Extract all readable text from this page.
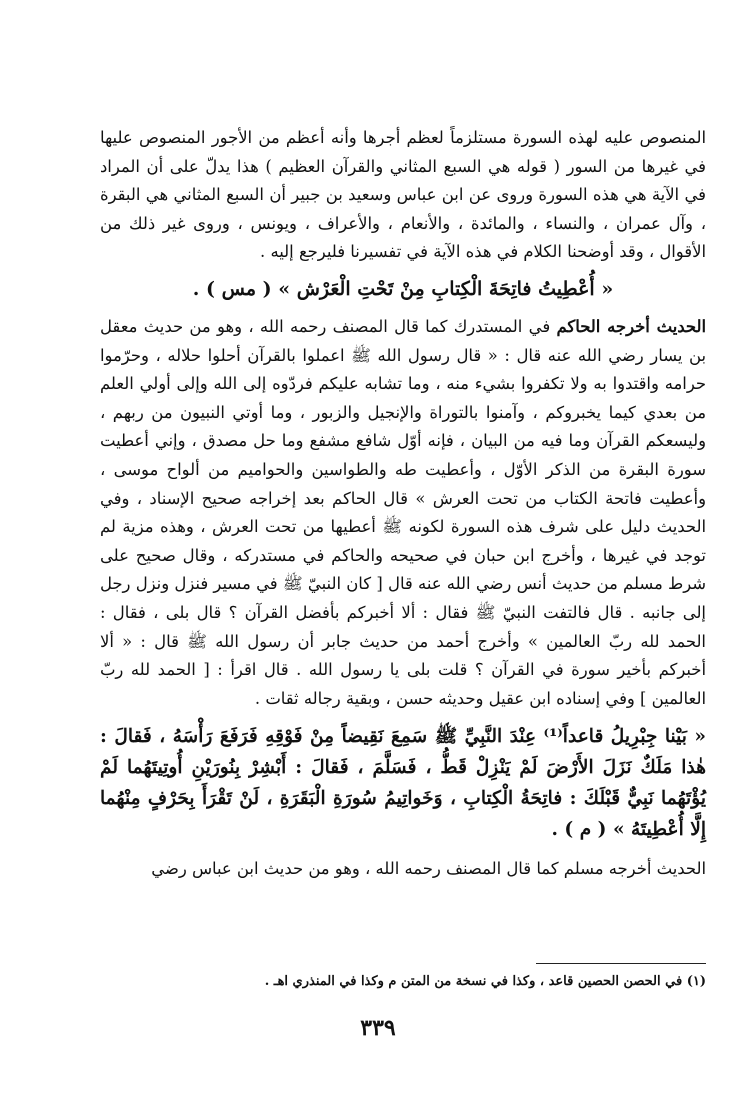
المنصوص عليه لهذه السورة مستلزماً لعظم أجرها وأنه أعظم من الأجور المنصوص عليها في غيرها من السور ( قوله هي السبع المثاني والقرآن العظيم ) هذا يدلّ على أن المراد في الآية هي هذه السورة وروى عن ابن عباس وسعيد بن جبير أن السبع المثاني هي البقرة ، وآل عمران ، والنساء ، والمائدة ، والأنعام ، والأعراف ، ويونس ، وروى غير ذلك من الأقوال ، وقد أوضحنا الكلام في هذه الآية في تفسيرنا فليرجع إليه .

« أُعْطِيتُ فاتِحَةَ الْكِتابِ مِنْ تَحْتِ الْعَرْش » ( مس ) .

الحديث أخرجه الحاكم في المستدرك كما قال المصنف رحمه الله ، وهو من حديث معقل بن يسار رضي الله عنه قال : « قال رسول الله ﷺ اعملوا بالقرآن أحلوا حلاله ، وحرّموا حرامه واقتدوا به ولا تكفروا بشيء منه ، وما تشابه عليكم فردّوه إلى الله وإلى أولي العلم من بعدي كيما يخبروكم ، وآمنوا بالتوراة والإنجيل والزبور ، وما أوتي النبيون من ربهم ، وليسعكم القرآن وما فيه من البيان ، فإنه أوّل شافع مشفع وما حل مصدق ، وإني أعطيت سورة البقرة من الذكر الأوّل ، وأعطيت طه والطواسين والحواميم من ألواح موسى ، وأعطيت فاتحة الكتاب من تحت العرش » قال الحاكم بعد إخراجه صحيح الإسناد ، وفي الحديث دليل على شرف هذه السورة لكونه ﷺ أعطيها من تحت العرش ، وهذه مزية لم توجد في غيرها ، وأخرج ابن حبان في صحيحه والحاكم في مستدركه ، وقال صحيح على شرط مسلم من حديث أنس رضي الله عنه قال [ كان النبيّ ﷺ في مسير فنزل ونزل رجل إلى جانبه . قال فالتفت النبيّ ﷺ فقال : ألا أخبركم بأفضل القرآن ؟ قال بلى ، فقال : الحمد لله ربّ العالمين » وأخرج أحمد من حديث جابر أن رسول الله ﷺ قال : « ألا أخبركم بأخير سورة في القرآن ؟ قلت بلى يا رسول الله . قال اقرأ : [ الحمد لله ربّ العالمين ] وفي إسناده ابن عقيل وحديثه حسن ، وبقية رجاله ثقات .

« بَيْنا جِبْرِيلُ قاعداً⁽¹⁾ عِنْدَ النَّبِيِّ ﷺ سَمِعَ نَقِيضاً مِنْ فَوْقِهِ فَرَفَعَ رَأْسَهُ ، فَقالَ : هٰذا مَلَكٌ نَزَلَ الأَرْضَ لَمْ يَنْزِلْ قَطُّ ، فَسَلَّمَ ، فَقالَ : أَبْشِرْ بِنُورَيْنِ أُوتِيتَهُما لَمْ يُؤْتَهُما نَبِيٌّ قَبْلَكَ : فاتِحَةُ الْكِتابِ ، وَخَواتِيمُ سُورَةِ الْبَقَرَةِ ، لَنْ تَقْرَأَ بِحَرْفٍ مِنْهُما إِلَّا أُعْطِيتَهُ » ( م ) .

الحديث أخرجه مسلم كما قال المصنف رحمه الله ، وهو من حديث ابن عباس رضي

(١) في الحصن الحصين قاعد ، وكذا في نسخة من المتن م وكذا في المنذري اهـ .
٣٣٩
